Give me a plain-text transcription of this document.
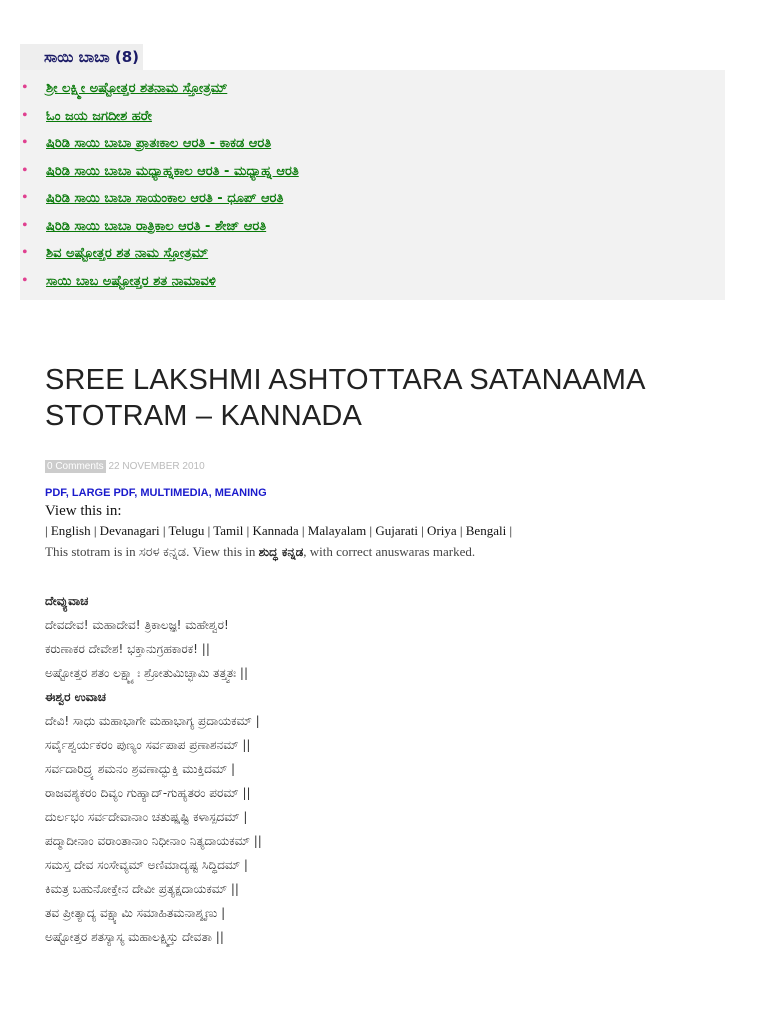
ಸಾಯಿ ಬಾಬಾ (8)
• ಶ್ರೀ ಲಕ್ಷ್ಮೀ ಅಷ್ಟೋತ್ತರ ಶತನಾಮ ಸ್ತೋತ್ರಮ್
• ಓಂ ಜಯ ಜಗದೀಶ ಹರೇ
• ಷಿರಿಡಿ ಸಾಯಿ ಬಾಬಾ ಪ್ರಾತಃಕಾಲ ಆರತಿ - ಕಾಕಡ ಆರತಿ
• ಷಿರಿಡಿ ಸಾಯಿ ಬಾಬಾ ಮಧ್ಯಾಹ್ನಕಾಲ ಆರತಿ - ಮಧ್ಯಾಹ್ನ ಆರತಿ
• ಷಿರಿಡಿ ಸಾಯಿ ಬಾಬಾ ಸಾಯಂಕಾಲ ಆರತಿ - ಧೂಪ್ ಆರತಿ
• ಷಿರಿಡಿ ಸಾಯಿ ಬಾಬಾ ರಾತ್ರಿಕಾಲ ಆರತಿ - ಶೇಜ್ ಆರತಿ
• ಶಿವ ಅಷ್ಟೋತ್ತರ ಶತ ನಾಮ ಸ್ತೋತ್ರಮ್
• ಸಾಯಿ ಬಾಬ ಅಷ್ಟೋತ್ತರ ಶತ ನಾಮಾವಳಿ
SREE LAKSHMI ASHTOTTARA SATANAAMA STOTRAM – KANNADA
0 Comments 22 NOVEMBER 2010
PDF, LARGE PDF, MULTIMEDIA, MEANING
View this in:
| English | Devanagari | Telugu | Tamil | Kannada | Malayalam | Gujarati | Oriya | Bengali |
This stotram is in ಸರಳ ಕನ್ನಡ. View this in ಶುದ್ಧ ಕನ್ನಡ, with correct anuswaras marked.
ದೇವ್ಯುವಾಚ
ದೇವದೇವ! ಮಹಾದೇವ! ತ್ರಿಕಾಲಜ್ಞ! ಮಹೇಶ್ವರ!
ಕರುಣಾಕರ ದೇವೇಶ! ಭಕ್ತಾನುಗ್ರಹಕಾರಕ! ||
ಅಷ್ಟೋತ್ತರ ಶತಂ ಲಕ್ಷ್ಮ್ಯಾಃ ಶ್ರೋತುಮಿಚ್ಛಾಮಿ ತತ್ತ್ವತಃ ||
ಈಶ್ವರ ಉವಾಚ
ದೇವಿ! ಸಾಧು ಮಹಾಭಾಗೇ ಮಹಾಭಾಗ್ಯ ಪ್ರದಾಯಕಮ್ |
ಸರ್ವೈಶ್ವರ್ಯಕರಂ ಪುಣ್ಯಂ ಸರ್ವಪಾಪ ಪ್ರಣಾಶನಮ್ ||
ಸರ್ವದಾರಿದ್ರ್ಯ ಶಮನಂ ಶ್ರವಣಾದ್ಭುಕ್ತಿ ಮುಕ್ತಿದಮ್ |
ರಾಜವಶ್ಯಕರಂ ದಿವ್ಯಂ ಗುಹ್ಯಾದ್-ಗುಹ್ಯತರಂ ಪರಮ್ ||
ದುರ್ಲಭಂ ಸರ್ವದೇವಾನಾಂ ಚತುಷ್ಷಷ್ಟಿ ಕಳಾಸ್ಪದಮ್ |
ಪದ್ಮಾದೀನಾಂ ವರಾಂತಾನಾಂ ನಿಧೀನಾಂ ನಿತ್ಯದಾಯಕಮ್ ||
ಸಮಸ್ತ ದೇವ ಸಂಸೇವ್ಯಮ್ ಅಣಿಮಾದ್ಯಷ್ಟ ಸಿದ್ಧಿದಮ್ |
ಕಿಮತ್ರ ಬಹುನೋಕ್ತೇನ ದೇವೀ ಪ್ರತ್ಯಕ್ಷದಾಯಕಮ್ ||
ತವ ಪ್ರೀತ್ಯಾದ್ಯ ವಕ್ಷ್ಯಾಮಿ ಸಮಾಹಿತಮನಾಶ್ಶೃಣು |
ಅಷ್ಟೋತ್ತರ ಶತಸ್ಯಾಸ್ಯ ಮಹಾಲಕ್ಷ್ಮಿಸ್ತು ದೇವತಾ ||
